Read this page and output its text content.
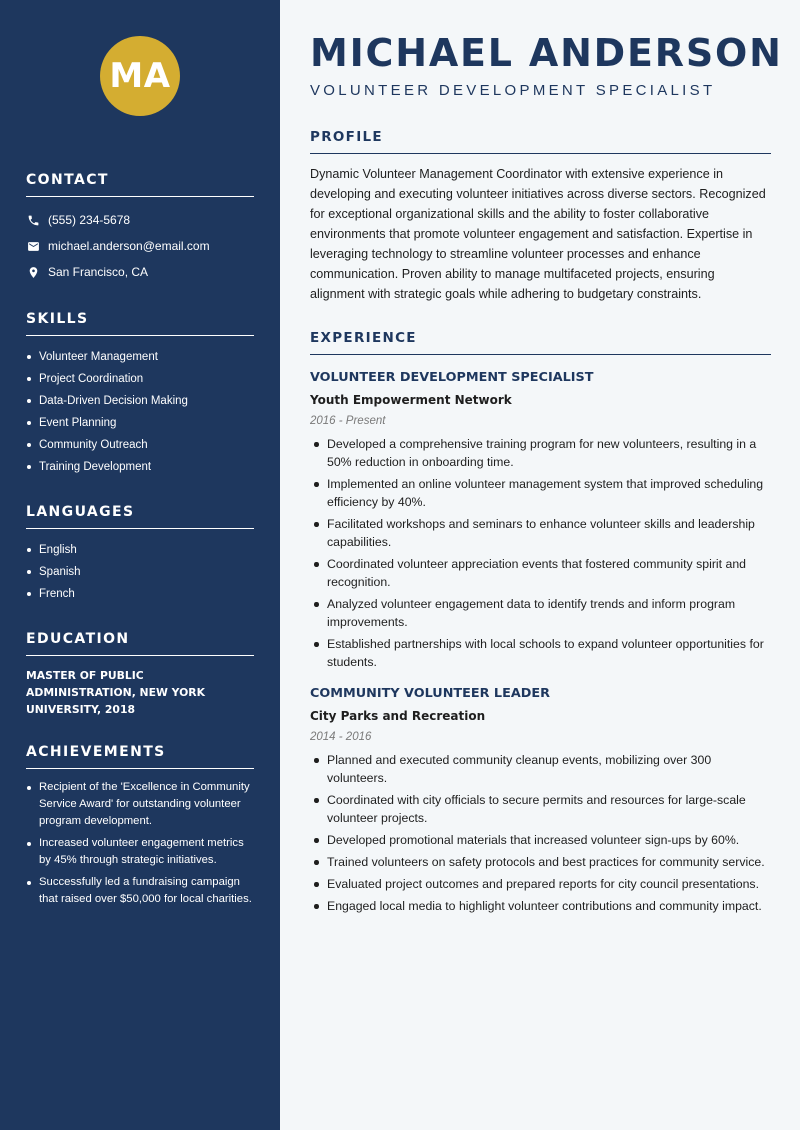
MA
CONTACT
(555) 234-5678
michael.anderson@email.com
San Francisco, CA
SKILLS
Volunteer Management
Project Coordination
Data-Driven Decision Making
Event Planning
Community Outreach
Training Development
LANGUAGES
English
Spanish
French
EDUCATION

MASTER OF PUBLIC ADMINISTRATION, NEW YORK UNIVERSITY, 2018

ACHIEVEMENTS
Recipient of the 'Excellence in Community Service Award' for outstanding volunteer program development.
Increased volunteer engagement metrics by 45% through strategic initiatives.
Successfully led a fundraising campaign that raised over $50,000 for local charities.
MICHAEL ANDERSON
VOLUNTEER DEVELOPMENT SPECIALIST
PROFILE

Dynamic Volunteer Management Coordinator with extensive experience in developing and executing volunteer initiatives across diverse sectors. Recognized for exceptional organizational skills and the ability to foster collaborative environments that promote volunteer engagement and satisfaction. Expertise in leveraging technology to streamline volunteer processes and enhance communication. Proven ability to manage multifaceted projects, ensuring alignment with strategic goals while adhering to budgetary constraints.

EXPERIENCE
VOLUNTEER DEVELOPMENT SPECIALIST
Youth Empowerment Network
2016 - Present
Developed a comprehensive training program for new volunteers, resulting in a 50% reduction in onboarding time.
Implemented an online volunteer management system that improved scheduling efficiency by 40%.
Facilitated workshops and seminars to enhance volunteer skills and leadership capabilities.
Coordinated volunteer appreciation events that fostered community spirit and recognition.
Analyzed volunteer engagement data to identify trends and inform program improvements.
Established partnerships with local schools to expand volunteer opportunities for students.
COMMUNITY VOLUNTEER LEADER
City Parks and Recreation
2014 - 2016
Planned and executed community cleanup events, mobilizing over 300 volunteers.
Coordinated with city officials to secure permits and resources for large-scale volunteer projects.
Developed promotional materials that increased volunteer sign-ups by 60%.
Trained volunteers on safety protocols and best practices for community service.
Evaluated project outcomes and prepared reports for city council presentations.
Engaged local media to highlight volunteer contributions and community impact.
